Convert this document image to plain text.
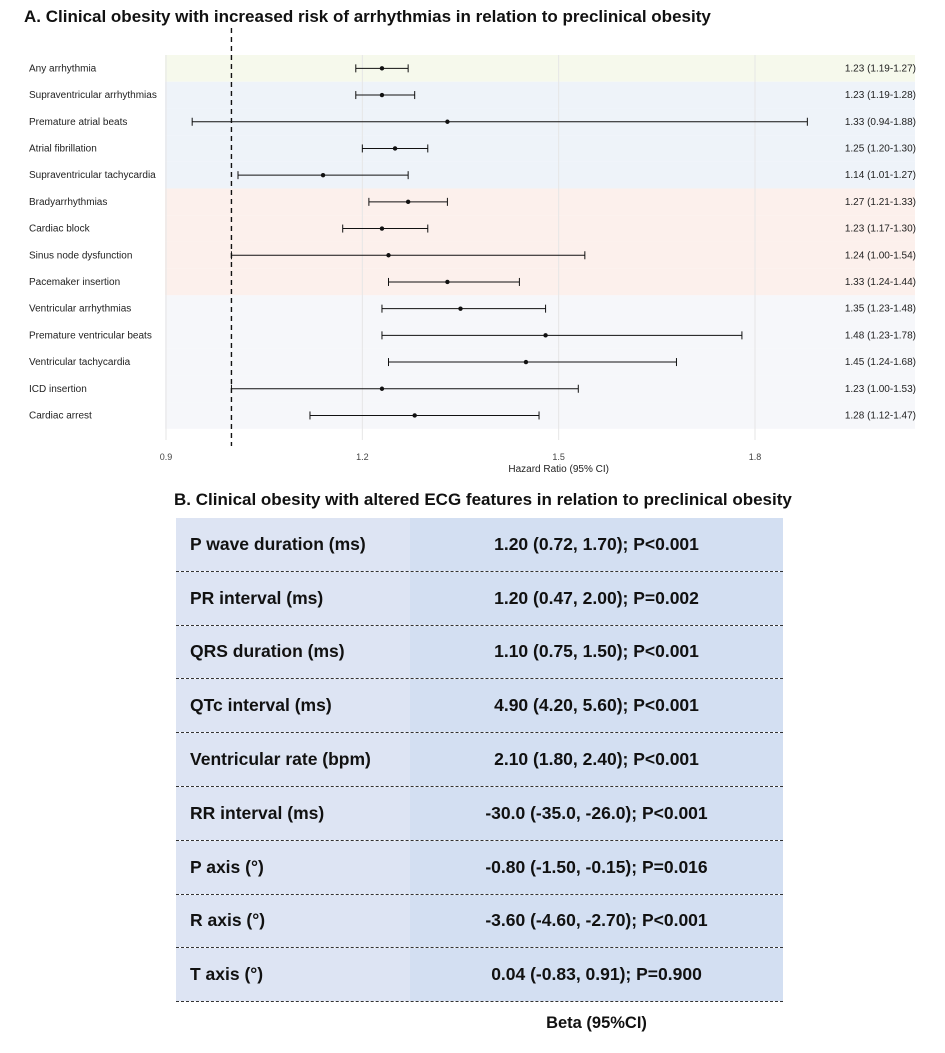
A. Clinical obesity with increased risk of arrhythmias in relation to preclinical obesity
Any arrhythmia	1.23 (1.19-1.27)
Supraventricular arrhythmias	1.23 (1.19-1.28)
Premature atrial beats	1.33 (0.94-1.88)
Atrial fibrillation	1.25 (1.20-1.30)
Supraventricular tachycardia	1.14 (1.01-1.27)
Bradyarrhythmias	1.27 (1.21-1.33)
Cardiac block	1.23 (1.17-1.30)
Sinus node dysfunction	1.24 (1.00-1.54)
Pacemaker insertion	1.33 (1.24-1.44)
Ventricular arrhythmias	1.35 (1.23-1.48)
Premature ventricular beats	1.48 (1.23-1.78)
Ventricular tachycardia	1.45 (1.24-1.68)
ICD insertion	1.23 (1.00-1.53)
Cardiac arrest	1.28 (1.12-1.47)
0.9	1.2	1.5	1.8
Hazard Ratio (95% CI)
B. Clinical obesity with altered ECG features in relation to preclinical obesity
P wave duration (ms)	1.20 (0.72, 1.70); P<0.001
PR interval (ms)	1.20 (0.47, 2.00); P=0.002
QRS duration (ms)	1.10 (0.75, 1.50); P<0.001
QTc interval (ms)	4.90 (4.20, 5.60); P<0.001
Ventricular rate (bpm)	2.10 (1.80, 2.40); P<0.001
RR interval (ms)	-30.0 (-35.0, -26.0); P<0.001
P axis (°)	-0.80 (-1.50, -0.15); P=0.016
R axis (°)	-3.60 (-4.60, -2.70); P<0.001
T axis (°)	0.04 (-0.83, 0.91); P=0.900
Beta (95%CI)
